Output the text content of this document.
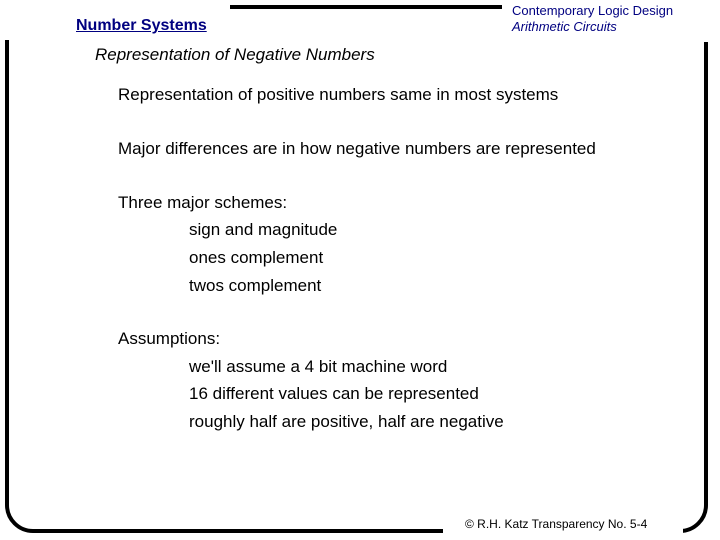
Number Systems
Contemporary Logic Design
Arithmetic Circuits
Representation of Negative Numbers
Representation of positive numbers same in most systems
Major differences are in how negative numbers are represented
Three major schemes:
sign and magnitude
ones complement
twos complement
Assumptions:
we'll assume a 4 bit machine word
16 different values can be represented
roughly half are positive, half are negative
© R.H. Katz Transparency No. 5-4
